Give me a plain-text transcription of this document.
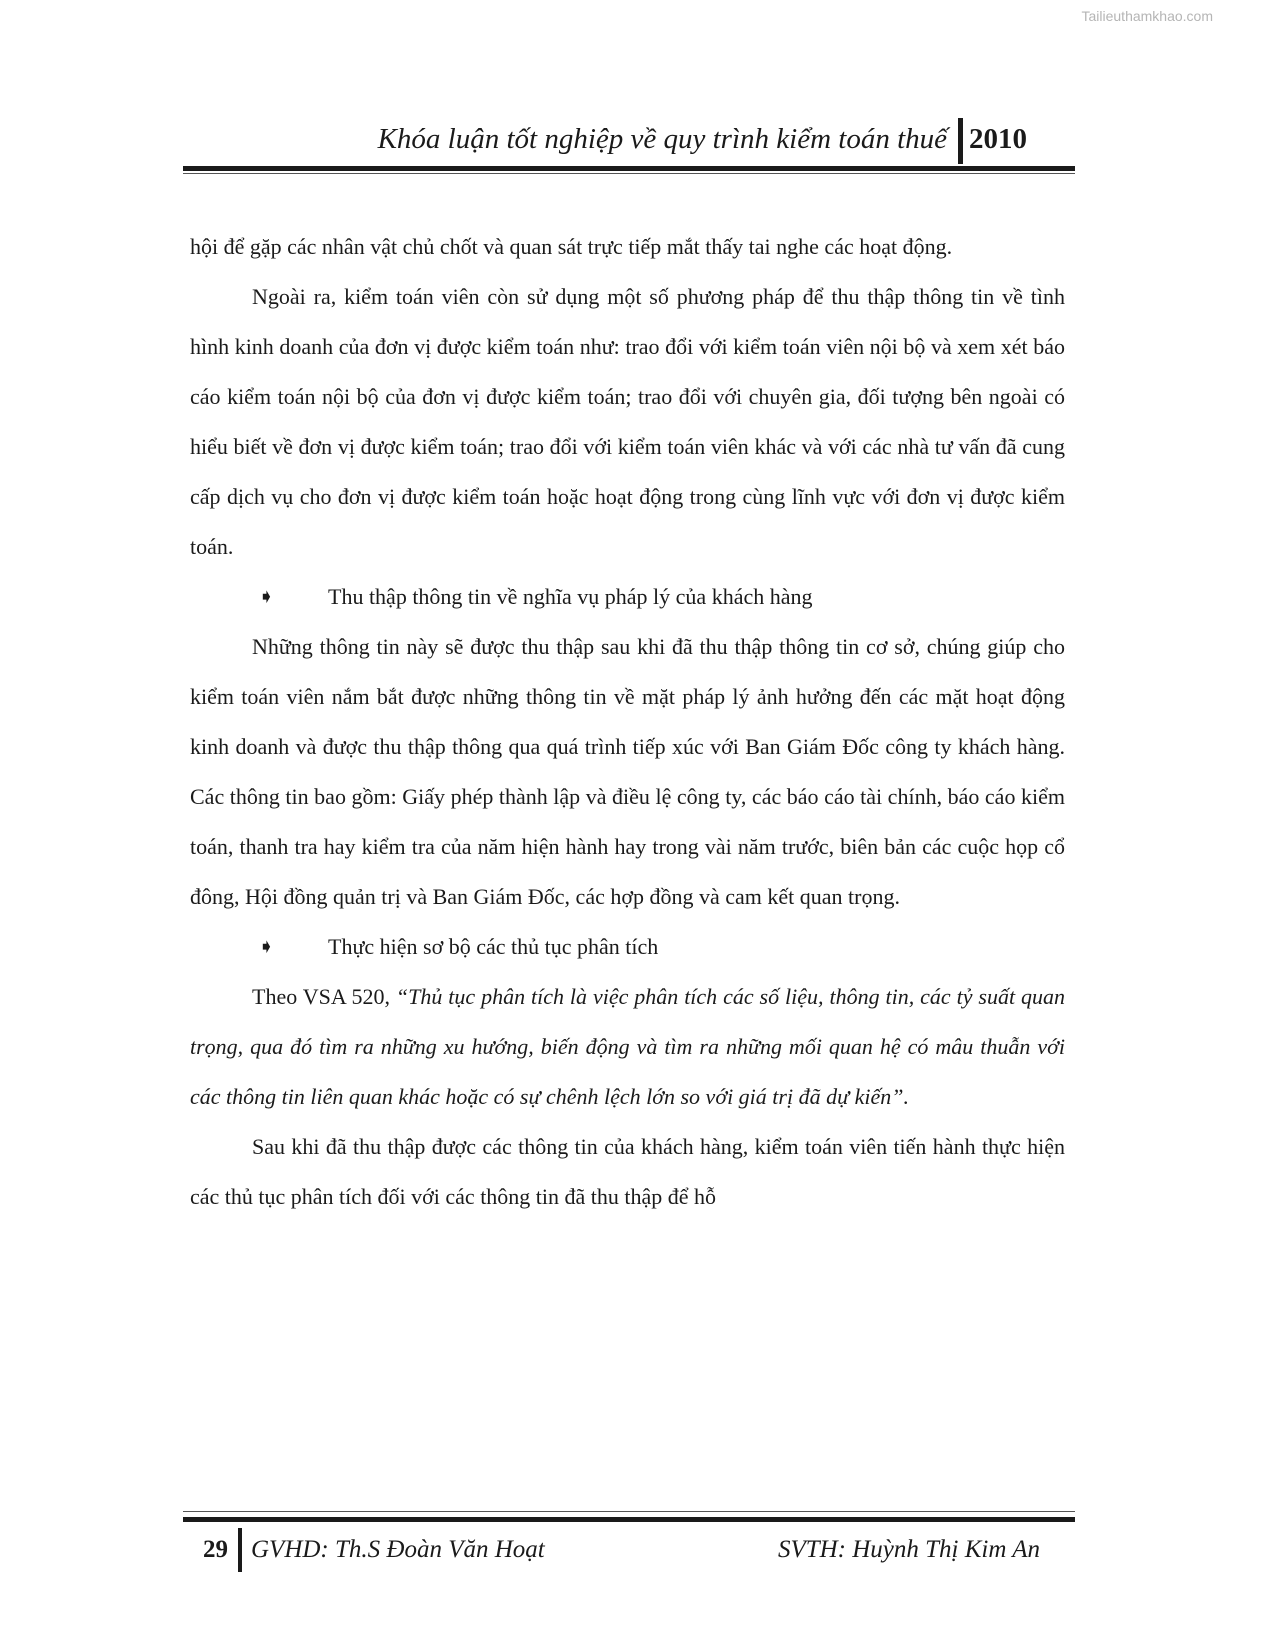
Tailieuthamkhao.com
Khóa luận tốt nghiệp về quy trình kiểm toán thuế 2010

hội để gặp các nhân vật chủ chốt và quan sát trực tiếp mắt thấy tai nghe các hoạt động.

Ngoài ra, kiểm toán viên còn sử dụng một số phương pháp để thu thập thông tin về tình hình kinh doanh của đơn vị được kiểm toán như: trao đổi với kiểm toán viên nội bộ và xem xét báo cáo kiểm toán nội bộ của đơn vị được kiểm toán; trao đổi với chuyên gia, đối tượng bên ngoài có hiểu biết về đơn vị được kiểm toán; trao đổi với kiểm toán viên khác và với các nhà tư vấn đã cung cấp dịch vụ cho đơn vị được kiểm toán hoặc hoạt động trong cùng lĩnh vực với đơn vị được kiểm toán.

➧	Thu thập thông tin về nghĩa vụ pháp lý của khách hàng

Những thông tin này sẽ được thu thập sau khi đã thu thập thông tin cơ sở, chúng giúp cho kiểm toán viên nắm bắt được những thông tin về mặt pháp lý ảnh hưởng đến các mặt hoạt động kinh doanh và được thu thập thông qua quá trình tiếp xúc với Ban Giám Đốc công ty khách hàng. Các thông tin bao gồm: Giấy phép thành lập và điều lệ công ty, các báo cáo tài chính, báo cáo kiểm toán, thanh tra hay kiểm tra của năm hiện hành hay trong vài năm trước, biên bản các cuộc họp cổ đông, Hội đồng quản trị và Ban Giám Đốc, các hợp đồng và cam kết quan trọng.

➧	Thực hiện sơ bộ các thủ tục phân tích

Theo VSA 520, “Thủ tục phân tích là việc phân tích các số liệu, thông tin, các tỷ suất quan trọng, qua đó tìm ra những xu hướng, biến động và tìm ra những mối quan hệ có mâu thuẫn với các thông tin liên quan khác hoặc có sự chênh lệch lớn so với giá trị đã dự kiến”.

Sau khi đã thu thập được các thông tin của khách hàng, kiểm toán viên tiến hành thực hiện các thủ tục phân tích đối với các thông tin đã thu thập để hỗ

29 GVHD: Th.S Đoàn Văn Hoạt	SVTH: Huỳnh Thị Kim An
